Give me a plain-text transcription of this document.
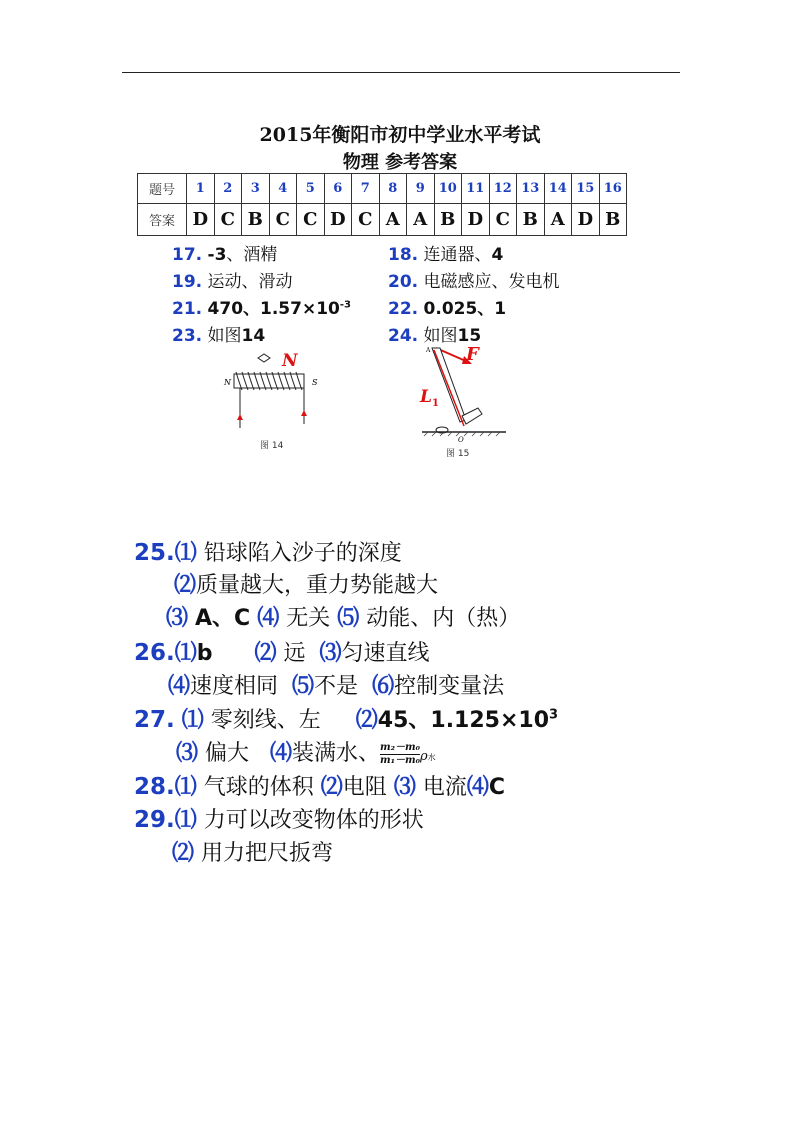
2015年衡阳市初中学业水平考试
物理 参考答案
题号	1	2	3	4	5	6	7	8	9	10	11	12	13	14	15	16
答案	D	C	B	C	C	D	C	A	A	B	D	C	B	A	D	B
17. -3、酒精	18. 连通器、4
19. 运动、滑动	20. 电磁感应、发电机
21. 470、$1.57\times 10^{-3}$ 22. 0.025、1
23. 如图14	24. 如图15
N
N	S
图 14
A F
L 1
O
图 15
25.⑴ 铅球陷入沙子的深度
⑵质量越大，重力势能越大
⑶ A、C ⑷ 无关 ⑸ 动能、内（热）
26.⑴b ⑵ 远 ⑶匀速直线
⑷速度相同 ⑸不是 ⑹控制变量法
27. ⑴ 零刻线、左 ⑵45、$1.125\times 10^3$
⑶ 偏大 ⑷装满水、$\frac{\text{m₂－m₀}}{\text{m₁－m₀}}$ ρ水
28.⑴ 气球的体积 ⑵电阻 ⑶ 电流⑷C
29.⑴ 力可以改变物体的形状
⑵ 用力把尺扳弯
